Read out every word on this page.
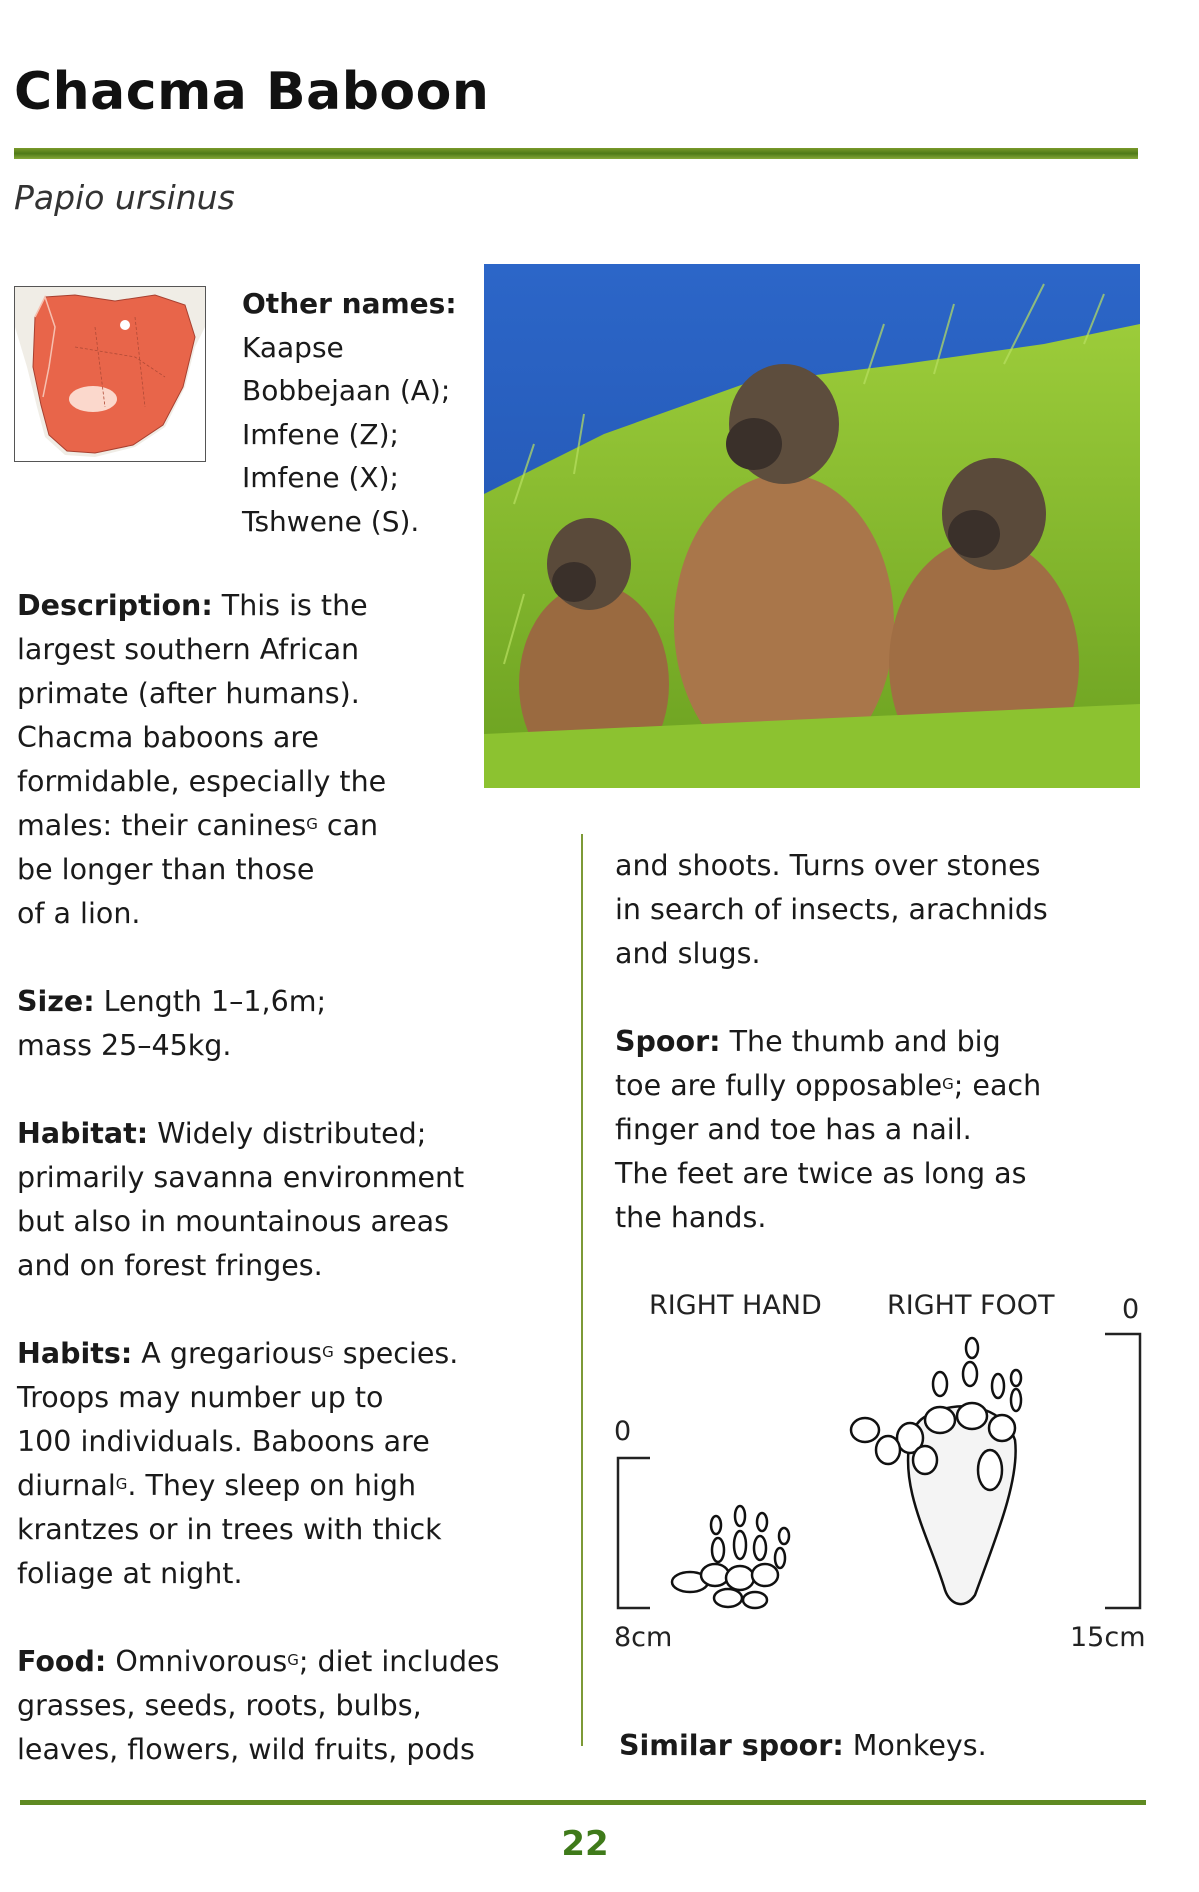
Chacma Baboon
Papio ursinus
Other names:
Kaapse
Bobbejaan (A);
Imfene (Z);
Imfene (X);
Tshwene (S).
Description: This is the
largest southern African
primate (after humans).
Chacma baboons are
formidable, especially the
males: their canines$^G$ can
be longer than those
of a lion.
Size: Length 1–1,6m;
mass 25–45kg.
Habitat: Widely distributed;
primarily savanna environment
but also in mountainous areas
and on forest fringes.
Habits: A gregarious$^G$ species.
Troops may number up to
100 individuals. Baboons are
diurnal$^G$. They sleep on high
krantzes or in trees with thick
foliage at night.
Food: Omnivorous$^G$; diet includes
grasses, seeds, roots, bulbs,
leaves, flowers, wild fruits, pods
and shoots. Turns over stones
in search of insects, arachnids
and slugs.
Spoor: The thumb and big
toe are fully opposable$^G$; each
finger and toe has a nail.
The feet are twice as long as
the hands.
RIGHT HAND RIGHT FOOT 0
0
8cm	15cm
Similar spoor: Monkeys.
22
